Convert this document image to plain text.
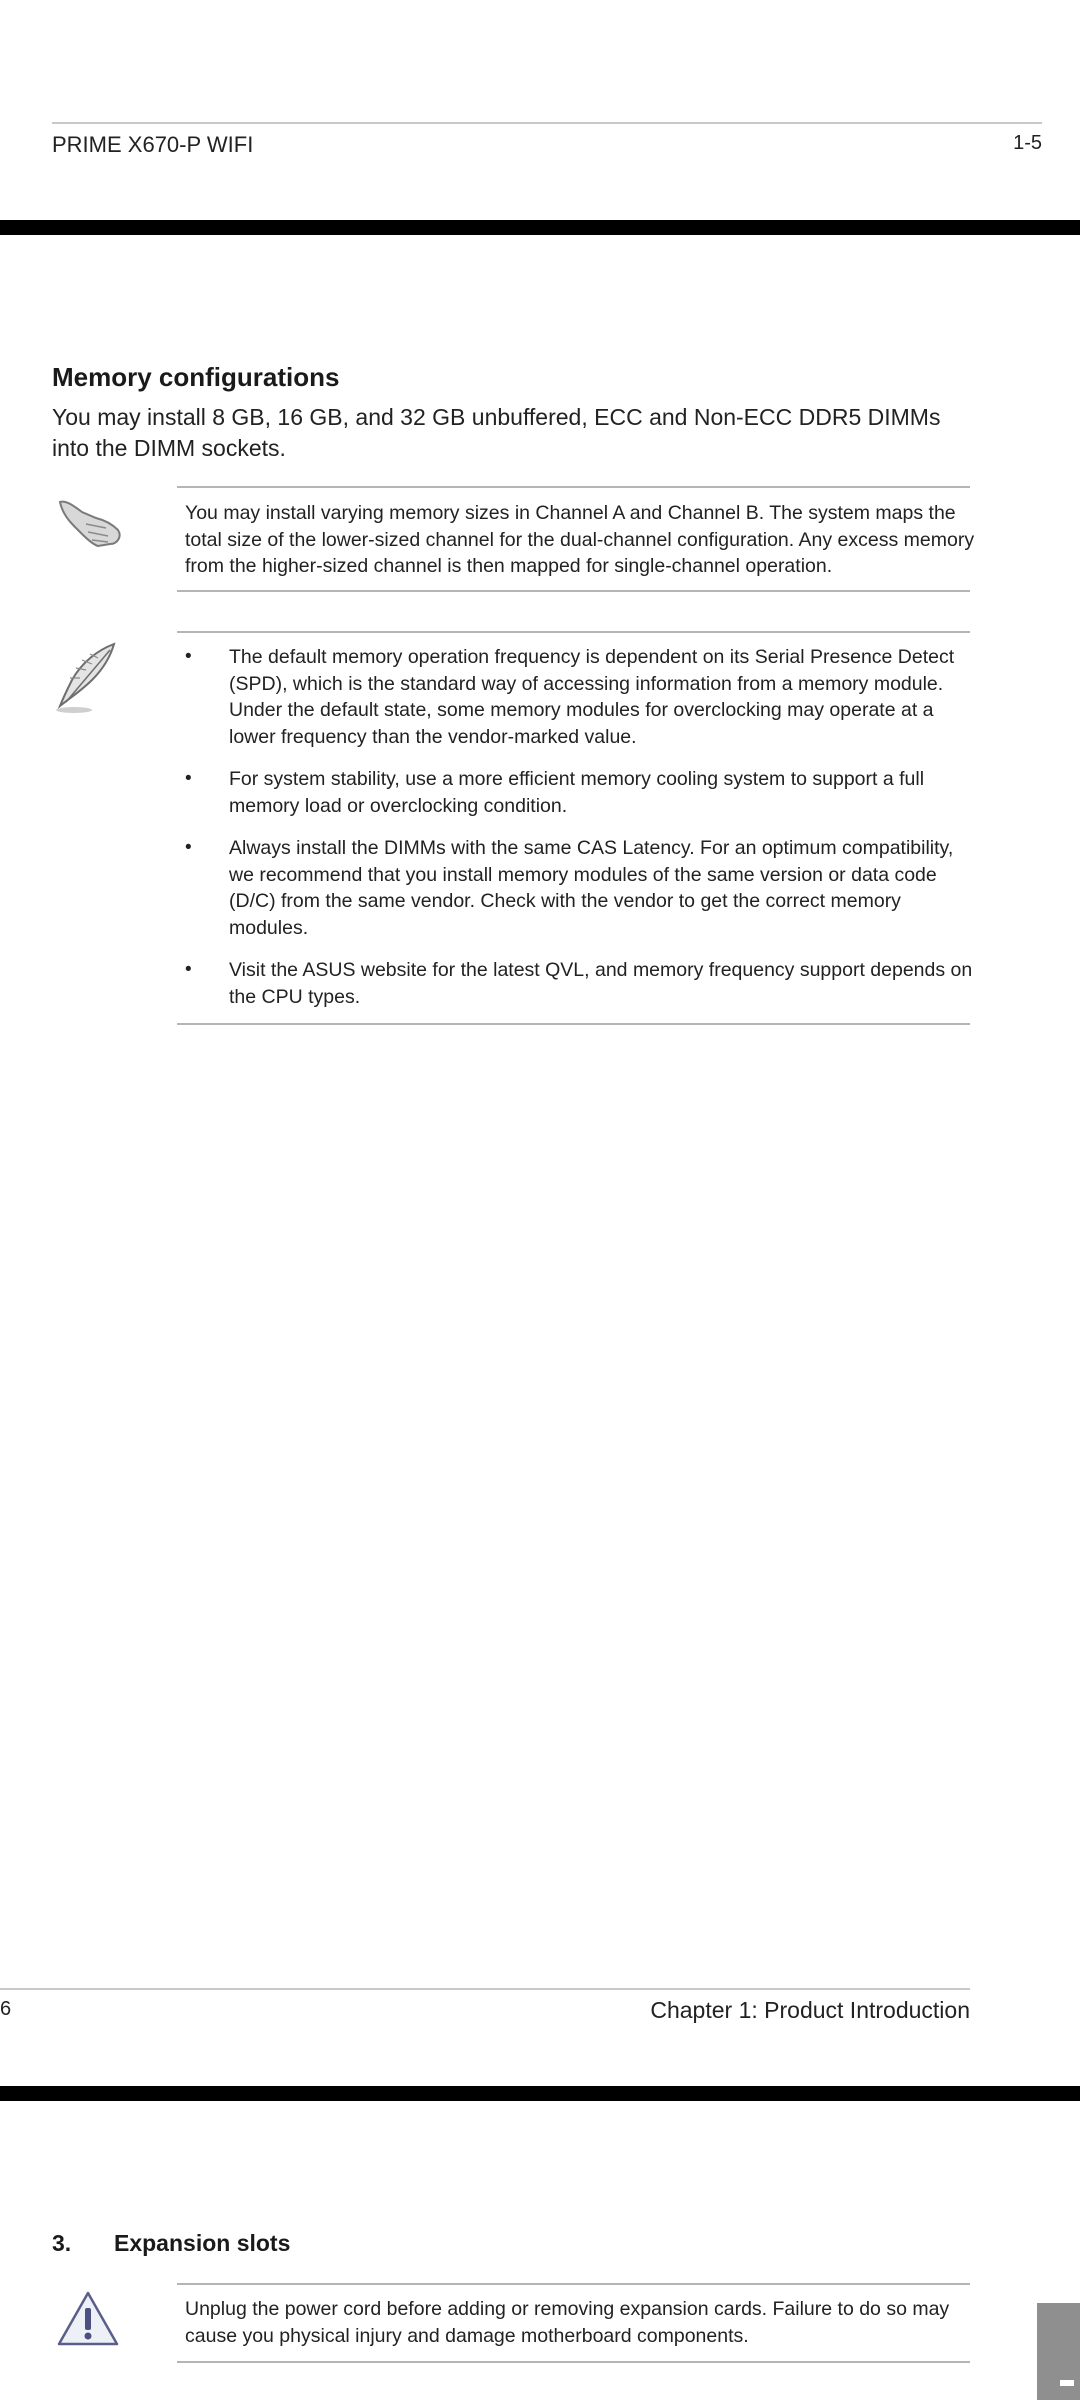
PRIME X670-P WIFI	1-5
Memory configurations
You may install 8 GB, 16 GB, and 32 GB unbuffered, ECC and Non-ECC DDR5 DIMMs into the DIMM sockets.
You may install varying memory sizes in Channel A and Channel B. The system maps the total size of the lower-sized channel for the dual-channel configuration. Any excess memory from the higher-sized channel is then mapped for single-channel operation.
•	The default memory operation frequency is dependent on its Serial Presence Detect (SPD), which is the standard way of accessing information from a memory module. Under the default state, some memory modules for overclocking may operate at a lower frequency than the vendor-marked value.
•	For system stability, use a more efficient memory cooling system to support a full memory load or overclocking condition.
•	Always install the DIMMs with the same CAS Latency. For an optimum compatibility, we recommend that you install memory modules of the same version or data code (D/C) from the same vendor. Check with the vendor to get the correct memory modules.
•	Visit the ASUS website for the latest QVL, and memory frequency support depends on the CPU types.
6	Chapter 1: Product Introduction
3. Expansion slots
Unplug the power cord before adding or removing expansion cards. Failure to do so may cause you physical injury and damage motherboard components.
